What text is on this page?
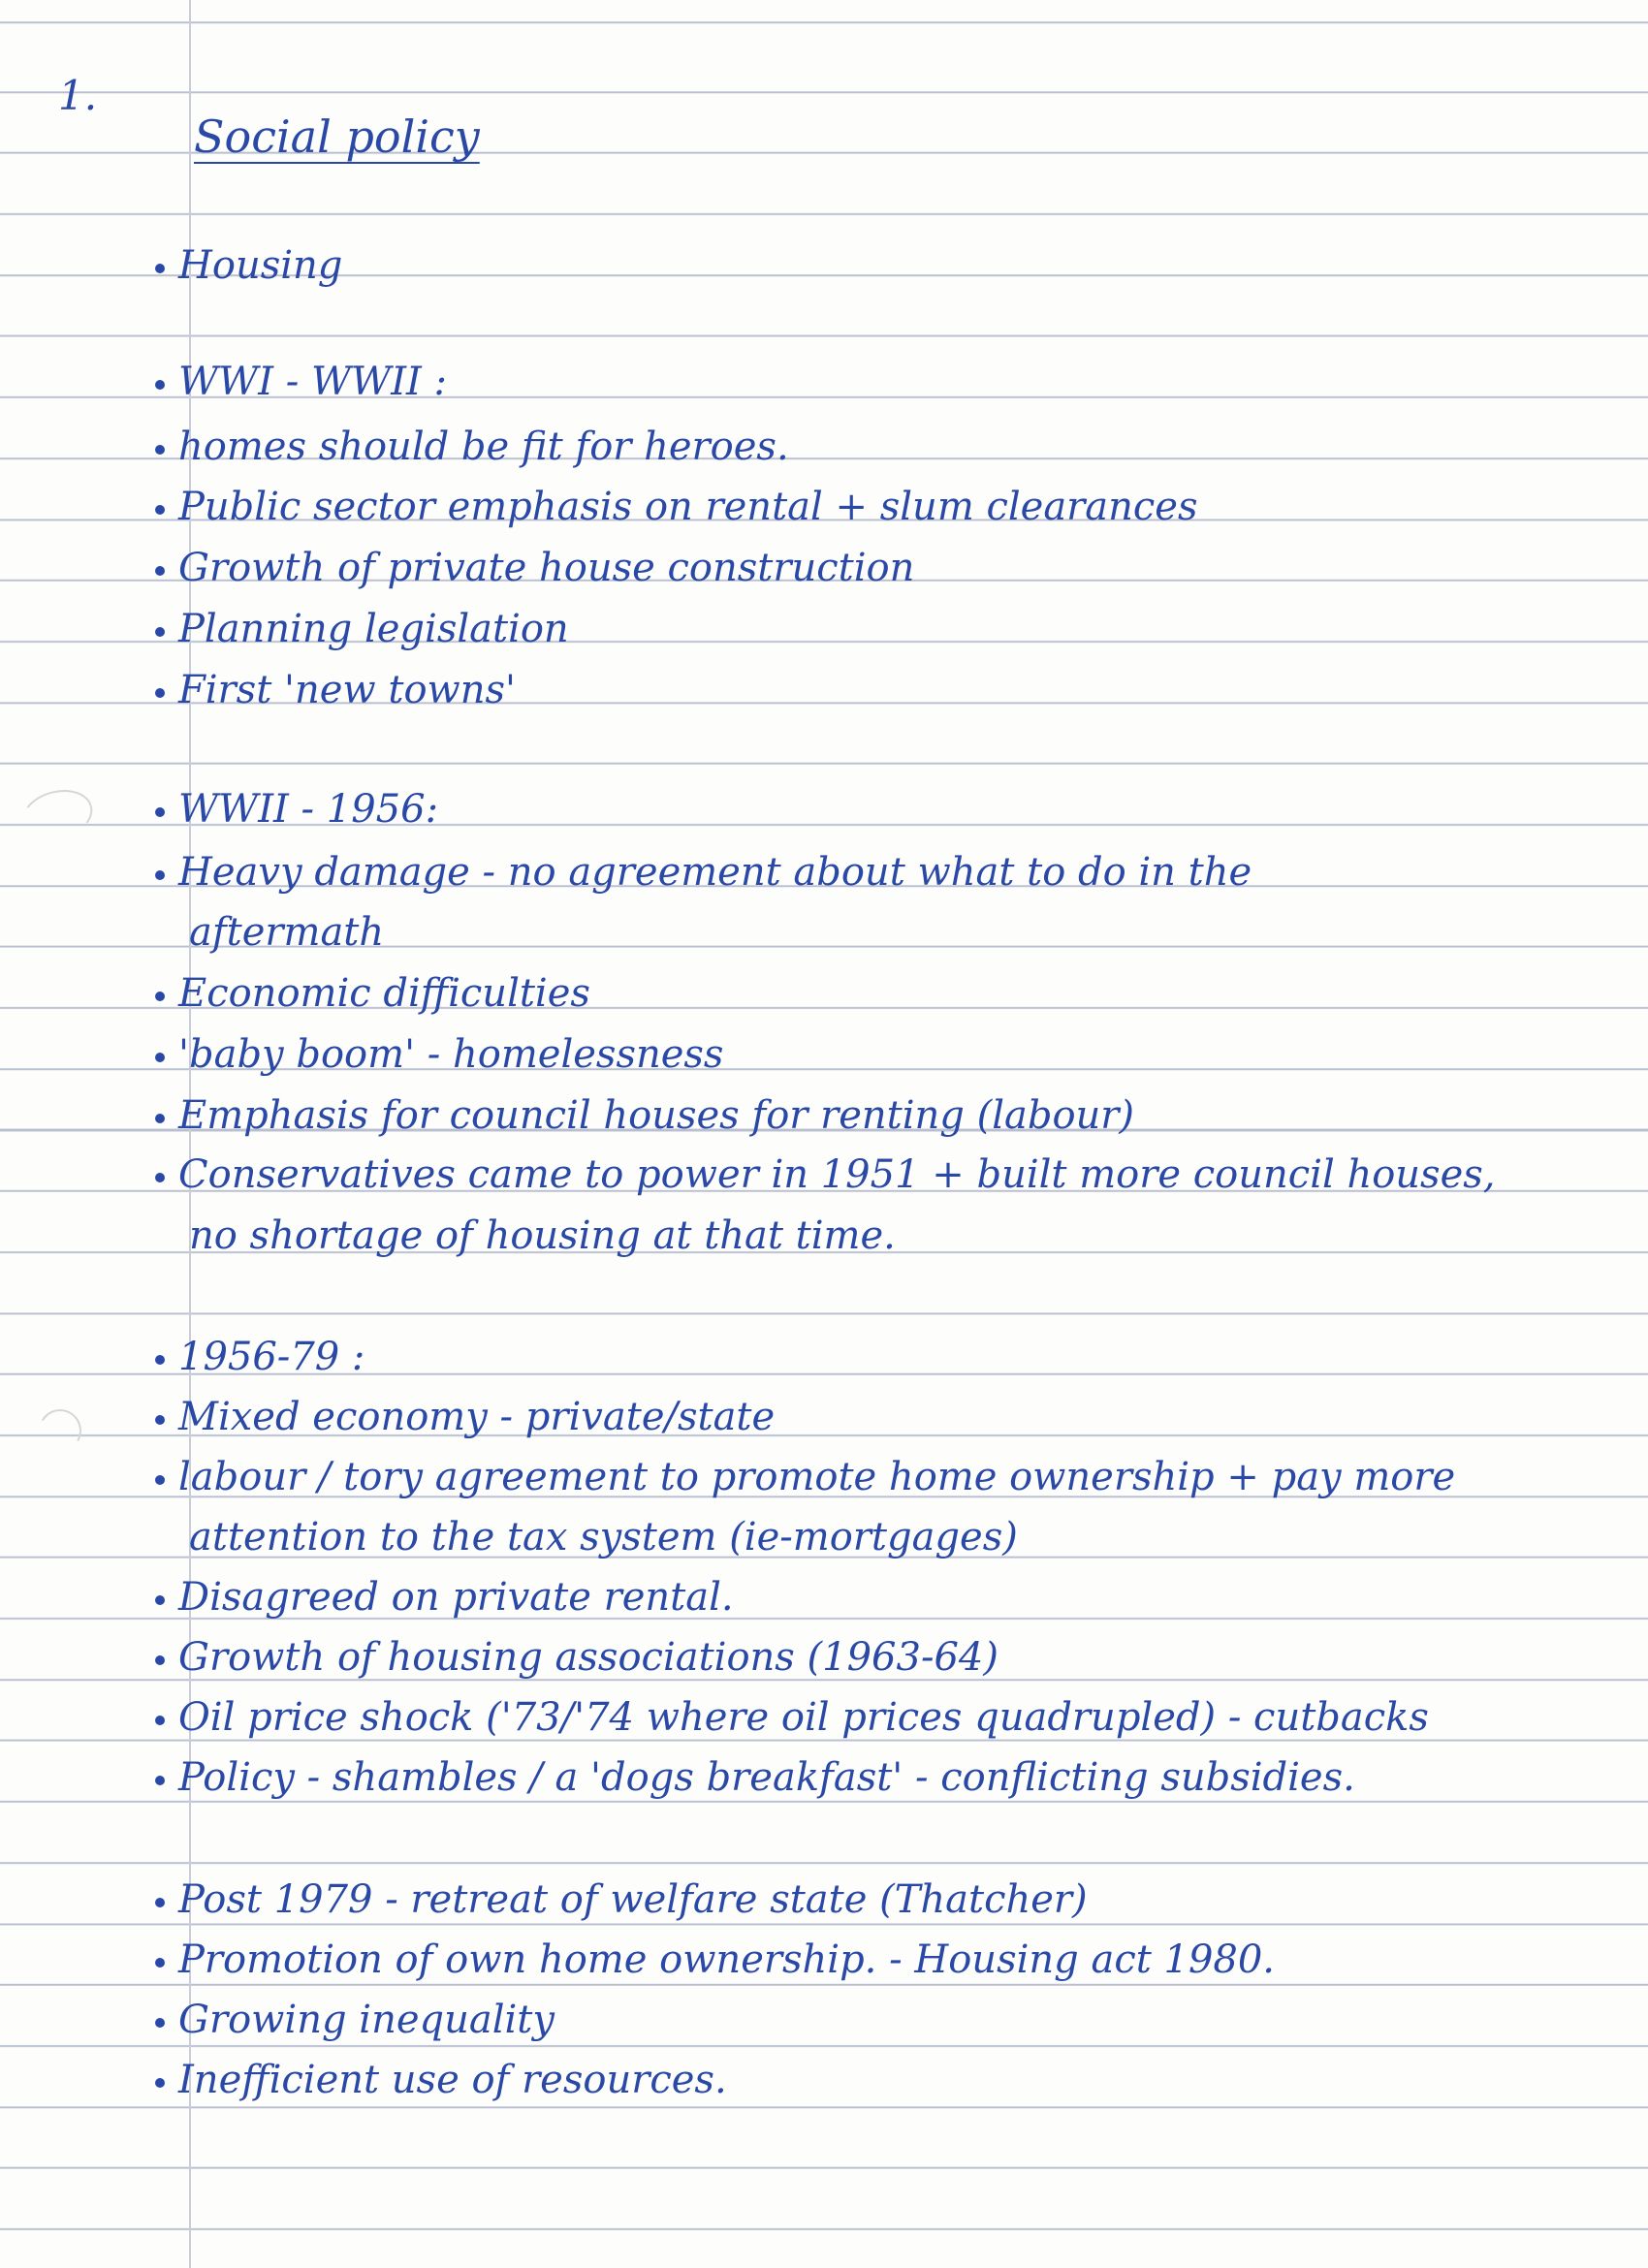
1.
Social policy
Housing
WWI - WWII :
homes should be fit for heroes.
Public sector emphasis on rental + slum clearances
Growth of private house construction
Planning legislation
First 'new towns'
WWII - 1956:
Heavy damage - no agreement about what to do in the
aftermath
Economic difficulties
'baby boom' - homelessness
Emphasis for council houses for renting (labour)
Conservatives came to power in 1951 + built more council houses,
no shortage of housing at that time.
1956-79 :
Mixed economy - private/state
labour / tory agreement to promote home ownership + pay more
attention to the tax system (ie-mortgages)
Disagreed on private rental.
Growth of housing associations (1963-64)
Oil price shock ('73/'74 where oil prices quadrupled) - cutbacks
Policy - shambles / a 'dogs breakfast' - conflicting subsidies.
Post 1979 - retreat of welfare state (Thatcher)
Promotion of own home ownership. - Housing act 1980.
Growing inequality
Inefficient use of resources.
